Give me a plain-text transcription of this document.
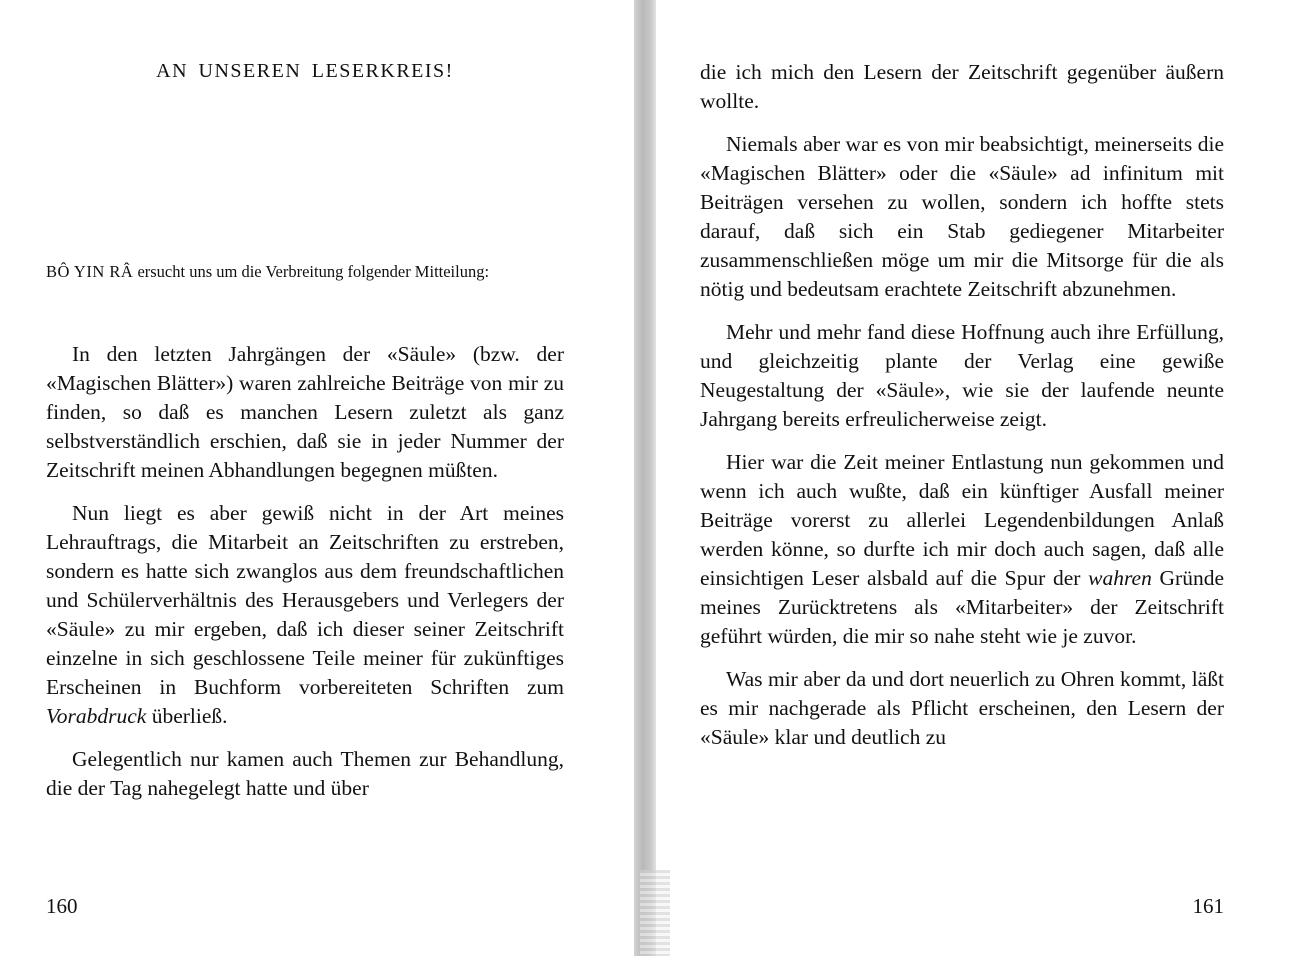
AN UNSEREN LESERKREIS!

BÔ YIN RÂ ersucht uns um die Verbreitung folgender Mitteilung:

In den letzten Jahrgängen der «Säule» (bzw. der «Magischen Blätter») waren zahlreiche Beiträge von mir zu finden, so daß es manchen Lesern zuletzt als ganz selbstverständlich erschien, daß sie in jeder Nummer der Zeitschrift meinen Abhandlungen begegnen müßten.

Nun liegt es aber gewiß nicht in der Art meines Lehrauftrags, die Mitarbeit an Zeitschriften zu erstreben, sondern es hatte sich zwanglos aus dem freundschaftlichen und Schülerverhältnis des Herausgebers und Verlegers der «Säule» zu mir ergeben, daß ich dieser seiner Zeitschrift einzelne in sich geschlossene Teile meiner für zukünftiges Erscheinen in Buchform vorbereiteten Schriften zum Vorabdruck überließ.

Gelegentlich nur kamen auch Themen zur Behandlung, die der Tag nahegelegt hatte und über

160

die ich mich den Lesern der Zeitschrift gegenüber äußern wollte.

Niemals aber war es von mir beabsichtigt, meinerseits die «Magischen Blätter» oder die «Säule» ad infinitum mit Beiträgen versehen zu wollen, sondern ich hoffte stets darauf, daß sich ein Stab gediegener Mitarbeiter zusammenschließen möge um mir die Mitsorge für die als nötig und bedeutsam erachtete Zeitschrift abzunehmen.

Mehr und mehr fand diese Hoffnung auch ihre Erfüllung, und gleichzeitig plante der Verlag eine gewiße Neugestaltung der «Säule», wie sie der laufende neunte Jahrgang bereits erfreulicherweise zeigt.

Hier war die Zeit meiner Entlastung nun gekommen und wenn ich auch wußte, daß ein künftiger Ausfall meiner Beiträge vorerst zu allerlei Legendenbildungen Anlaß werden könne, so durfte ich mir doch auch sagen, daß alle einsichtigen Leser alsbald auf die Spur der wahren Gründe meines Zurücktretens als «Mitarbeiter» der Zeitschrift geführt würden, die mir so nahe steht wie je zuvor.

Was mir aber da und dort neuerlich zu Ohren kommt, läßt es mir nachgerade als Pflicht erscheinen, den Lesern der «Säule» klar und deutlich zu

161
